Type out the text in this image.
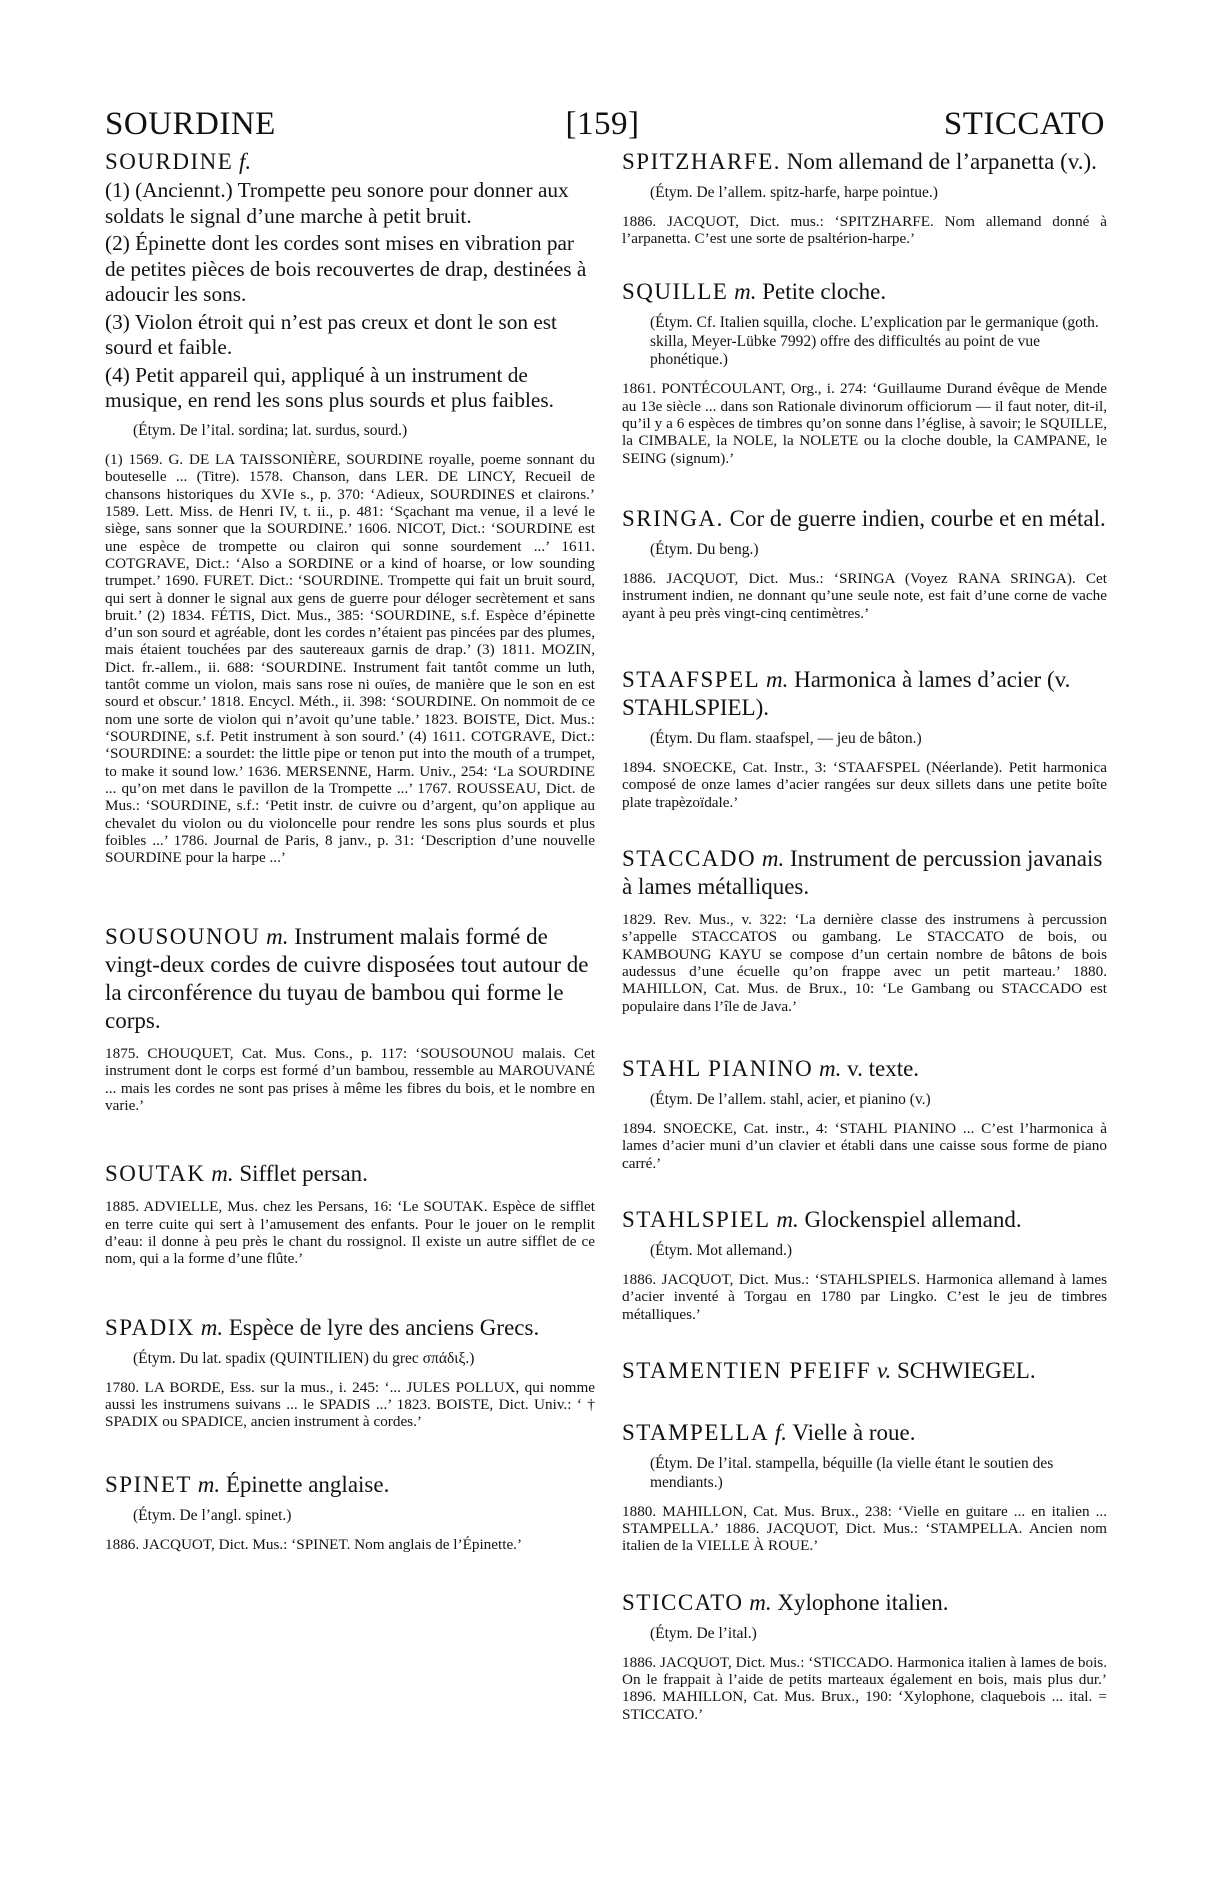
SOURDINE	[159]	STICCATO

SOURDINE f.

(1) (Anciennt.) Trompette peu sonore pour donner aux soldats le signal d’une marche à petit bruit.

(2) Épinette dont les cordes sont mises en vibration par de petites pièces de bois recouvertes de drap, destinées à adoucir les sons.

(3) Violon étroit qui n’est pas creux et dont le son est sourd et faible.

(4) Petit appareil qui, appliqué à un instrument de musique, en rend les sons plus sourds et plus faibles.

(Étym. De l’ital. sordina; lat. surdus, sourd.)

(1) 1569. G. DE LA TAISSONIÈRE, SOURDINE royalle, poeme sonnant du bouteselle ... (Titre). 1578. Chanson, dans LER. DE LINCY, Recueil de chansons historiques du XVIe s., p. 370: ‘Adieux, SOURDINES et clairons.’ 1589. Lett. Miss. de Henri IV, t. ii., p. 481: ‘Sçachant ma venue, il a levé le siège, sans sonner que la SOURDINE.’ 1606. NICOT, Dict.: ‘SOURDINE est une espèce de trompette ou clairon qui sonne sourdement ...’ 1611. COTGRAVE, Dict.: ‘Also a SORDINE or a kind of hoarse, or low sounding trumpet.’ 1690. FURET. Dict.: ‘SOURDINE. Trompette qui fait un bruit sourd, qui sert à donner le signal aux gens de guerre pour déloger secrètement et sans bruit.’ (2) 1834. FÉTIS, Dict. Mus., 385: ‘SOURDINE, s.f. Espèce d’épinette d’un son sourd et agréable, dont les cordes n’étaient pas pincées par des plumes, mais étaient touchées par des sautereaux garnis de drap.’ (3) 1811. MOZIN, Dict. fr.-allem., ii. 688: ‘SOURDINE. Instrument fait tantôt comme un luth, tantôt comme un violon, mais sans rose ni ouïes, de manière que le son en est sourd et obscur.’ 1818. Encycl. Méth., ii. 398: ‘SOURDINE. On nommoit de ce nom une sorte de violon qui n’avoit qu’une table.’ 1823. BOISTE, Dict. Mus.: ‘SOURDINE, s.f. Petit instrument à son sourd.’ (4) 1611. COTGRAVE, Dict.: ‘SOURDINE: a sourdet: the little pipe or tenon put into the mouth of a trumpet, to make it sound low.’ 1636. MERSENNE, Harm. Univ., 254: ‘La SOURDINE ... qu’on met dans le pavillon de la Trompette ...’ 1767. ROUSSEAU, Dict. de Mus.: ‘SOURDINE, s.f.: ‘Petit instr. de cuivre ou d’argent, qu’on applique au chevalet du violon ou du violoncelle pour rendre les sons plus sourds et plus foibles ...’ 1786. Journal de Paris, 8 janv., p. 31: ‘Description d’une nouvelle SOURDINE pour la harpe ...’

SOUSOUNOU m. Instrument malais formé de vingt-deux cordes de cuivre disposées tout autour de la circonférence du tuyau de bambou qui forme le corps.

1875. CHOUQUET, Cat. Mus. Cons., p. 117: ‘SOUSOUNOU malais. Cet instrument dont le corps est formé d’un bambou, ressemble au MAROUVANÉ ... mais les cordes ne sont pas prises à même les fibres du bois, et le nombre en varie.’

SOUTAK m. Sifflet persan.

1885. ADVIELLE, Mus. chez les Persans, 16: ‘Le SOUTAK. Espèce de sifflet en terre cuite qui sert à l’amusement des enfants. Pour le jouer on le remplit d’eau: il donne à peu près le chant du rossignol. Il existe un autre sifflet de ce nom, qui a la forme d’une flûte.’

SPADIX m. Espèce de lyre des anciens Grecs.

(Étym. Du lat. spadix (QUINTILIEN) du grec σπάδιξ.)

1780. LA BORDE, Ess. sur la mus., i. 245: ‘... JULES POLLUX, qui nomme aussi les instrumens suivans ... le SPADIS ...’ 1823. BOISTE, Dict. Univ.: ‘ † SPADIX ou SPADICE, ancien instrument à cordes.’

SPINET m. Épinette anglaise.

(Étym. De l’angl. spinet.)

1886. JACQUOT, Dict. Mus.: ‘SPINET. Nom anglais de l’Épinette.’

SPITZHARFE. Nom allemand de l’arpanetta (v.).

(Étym. De l’allem. spitz-harfe, harpe pointue.)

1886. JACQUOT, Dict. mus.: ‘SPITZHARFE. Nom allemand donné à l’arpanetta. C’est une sorte de psaltérion-harpe.’

SQUILLE m. Petite cloche.

(Étym. Cf. Italien squilla, cloche. L’explication par le germanique (goth. skilla, Meyer-Lübke 7992) offre des difficultés au point de vue phonétique.)

1861. PONTÉCOULANT, Org., i. 274: ‘Guillaume Durand évêque de Mende au 13e siècle ... dans son Rationale divinorum officiorum — il faut noter, dit-il, qu’il y a 6 espèces de timbres qu’on sonne dans l’église, à savoir; le SQUILLE, la CIMBALE, la NOLE, la NOLETE ou la cloche double, la CAMPANE, le SEING (signum).’

SRINGA. Cor de guerre indien, courbe et en métal.

(Étym. Du beng.)

1886. JACQUOT, Dict. Mus.: ‘SRINGA (Voyez RANA SRINGA). Cet instrument indien, ne donnant qu’une seule note, est fait d’une corne de vache ayant à peu près vingt-cinq centimètres.’

STAAFSPEL m. Harmonica à lames d’acier (v. STAHLSPIEL).

(Étym. Du flam. staafspel, — jeu de bâton.)

1894. SNOECKE, Cat. Instr., 3: ‘STAAFSPEL (Néerlande). Petit harmonica composé de onze lames d’acier rangées sur deux sillets dans une petite boîte plate trapèzoïdale.’

STACCADO m. Instrument de percussion javanais à lames métalliques.

1829. Rev. Mus., v. 322: ‘La dernière classe des instrumens à percussion s’appelle STACCATOS ou gambang. Le STACCATO de bois, ou KAMBOUNG KAYU se compose d’un certain nombre de bâtons de bois audessus d’une écuelle qu’on frappe avec un petit marteau.’ 1880. MAHILLON, Cat. Mus. de Brux., 10: ‘Le Gambang ou STACCADO est populaire dans l’île de Java.’

STAHL PIANINO m. v. texte.

(Étym. De l’allem. stahl, acier, et pianino (v.)

1894. SNOECKE, Cat. instr., 4: ‘STAHL PIANINO ... C’est l’harmonica à lames d’acier muni d’un clavier et établi dans une caisse sous forme de piano carré.’

STAHLSPIEL m. Glockenspiel allemand.

(Étym. Mot allemand.)

1886. JACQUOT, Dict. Mus.: ‘STAHLSPIELS. Harmonica allemand à lames d’acier inventé à Torgau en 1780 par Lingko. C’est le jeu de timbres métalliques.’

STAMENTIEN PFEIFF v. SCHWIEGEL.

STAMPELLA f. Vielle à roue.

(Étym. De l’ital. stampella, béquille (la vielle étant le soutien des mendiants.)

1880. MAHILLON, Cat. Mus. Brux., 238: ‘Vielle en guitare ... en italien ... STAMPELLA.’ 1886. JACQUOT, Dict. Mus.: ‘STAMPELLA. Ancien nom italien de la VIELLE À ROUE.’

STICCATO m. Xylophone italien.

(Étym. De l’ital.)

1886. JACQUOT, Dict. Mus.: ‘STICCADO. Harmonica italien à lames de bois. On le frappait à l’aide de petits marteaux également en bois, mais plus dur.’ 1896. MAHILLON, Cat. Mus. Brux., 190: ‘Xylophone, claquebois ... ital. = STICCATO.’
